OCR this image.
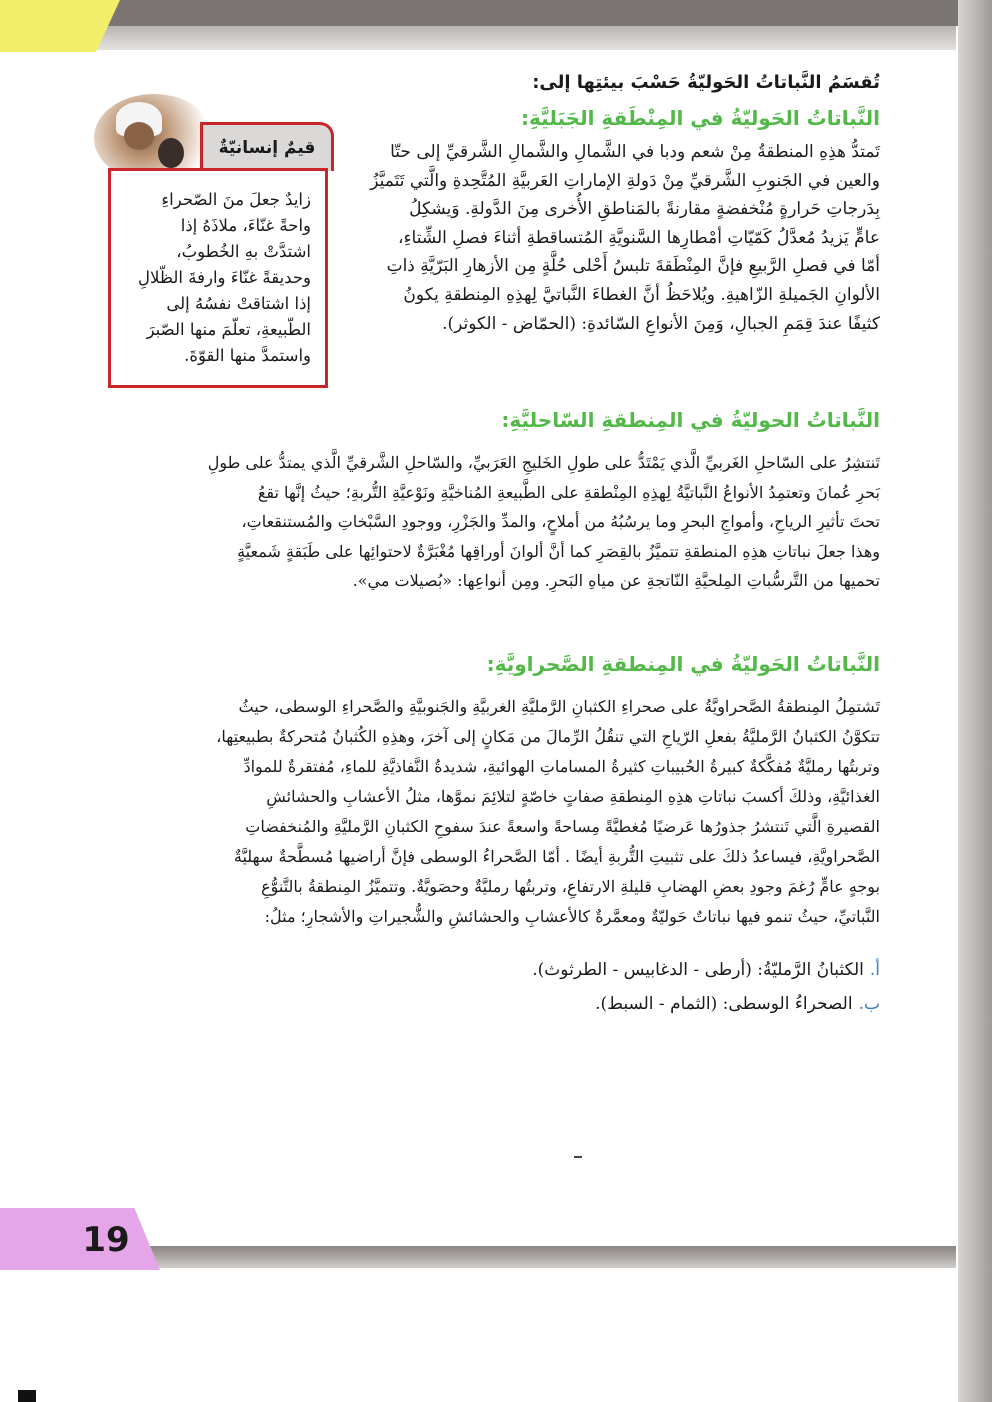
قيمٌ إنسانيّةٌ
زايدٌ جعلَ منَ الصّحراءِ
واحةً غنّاءَ، ملاذَهُ إذا
اشتدَّتْ بهِ الخُطوبُ،
وحديقةً غنّاءَ وارفةَ الظّلالِ
إذا اشتاقتْ نفسُهُ إلى
الطّبيعةِ، تعلّمَ منها الصّبرَ
واستمدَّ منها القوّةَ.
تُقسَمُ النَّباتاتُ الحَوليّةُ حَسْبَ بيئتِها إلى:
النَّباتاتُ الحَوليّةُ في المِنْطَقةِ الجَبَليَّةِ:

تَمتدُّ هذِهِ المنطقةُ مِنْ شعم ودبا في الشَّمالِ والشَّمالِ الشَّرقيِّ إلى حتّا

والعين في الجَنوبِ الشَّرقيِّ مِنْ دَولةِ الإماراتِ العَربيَّةِ المُتَّحِدةِ والَّتي تَتَميَّزُ

بِدَرجاتِ حَرارةٍ مُنْخفضةٍ مقارنةً بالمَناطقِ الأُخرى مِنَ الدَّولةِ. وَيشكِلُ

عامٍّ يَزيدُ مُعدَّلُ كَمّيّاتِ أمْطارِها السَّنويَّةِ المُتساقطةِ أثناءَ فصلِ الشِّتاءِ،

أمّا في فصلِ الرَّبيعِ فإنَّ المِنْطَقةَ تلبسُ أَحْلى حُلَّةٍ مِن الأزهارِ البَرّيَّةِ ذاتِ

الألوانِ الجَميلةِ الزّاهيةِ. ويُلاحَظُ أنَّ الغطاءَ النَّباتيَّ لِهذِهِ المِنطقةِ يكونُ

كثيفًا عندَ قِمَمِ الجبالِ، وَمِنَ الأنواعِ السّائدةِ: (الحمّاض - الكوثر).

النَّباتاتُ الحوليّةُ في المِنطقةِ السّاحليَّةِ:

تَنتشِرُ على السّاحلِ الغَربيِّ الَّذي يَمْتَدُّ على طولِ الخَليجِ العَرَبيِّ، والسّاحلِ الشَّرقيِّ الَّذي يمتدُّ على طولِ

بَحرِ عُمانَ وتعتمِدُ الأنواعُ النَّباتيَّةُ لِهذِهِ المِنْطقةِ على الطَّبيعةِ المُناخيَّةِ ونَوْعيَّةِ التُّربةِ؛ حيثُ إنَّها تقعُ

تحتَ تأثيرِ الرياحِ، وأمواجِ البحرِ وما يرسُبُهُ من أملاحٍ، والمدِّ والجَزْرِ، ووجودِ السَّبْخاتِ والمُستنقعاتِ،

وهذا جعلَ نباتاتِ هذِهِ المنطقةِ تتميَّزُ بالقِصَرِ كما أنَّ ألوانَ أوراقِها مُغْبَرَّةٌ لاحتوائِها على طَبَقةٍ شَمعيَّةٍ

تحميها من التَّرسُّباتِ المِلحيَّةِ النّاتجةِ عن مياهِ البَحرِ. ومِن أنواعِها: «بُصيلات مي».

النَّباتاتُ الحَوليّةُ في المِنطقةِ الصَّحراويَّةِ:

تَشتمِلُ المِنطقةُ الصَّحراويَّةُ على صحراءِ الكثبانِ الرَّمليَّةِ الغربيَّةِ والجَنوبيَّةِ والصَّحراءِ الوسطى، حيثُ

تتكوَّنُ الكثبانُ الرَّمليَّةُ بفعلِ الرّياحِ التي تنقُلُ الرِّمالَ من مَكانٍ إلى آخرَ، وهذِهِ الكُثبانُ مُتحركةٌ بطبيعتِها،

وتربتُها رمليَّةٌ مُفكَّكةٌ كبيرةُ الحُبيباتِ كثيرةُ المساماتِ الهوائيةِ، شديدةُ النَّفاذيَّةِ للماءِ، مُفتقرةٌ للموادِّ

الغذائيَّةِ، وذلكَ أكسبَ نباتاتِ هذِهِ المِنطقةِ صفاتٍ خاصّةٍ لتلائِمَ نموَّها، مثلُ الأعشابِ والحشائشِ

القصيرةِ الَّتي تَنتشرُ جذورُها عَرضيًا مُغطيَّةً مِساحةً واسعةً عندَ سفوحِ الكثبانِ الرَّمليَّةِ والمُنخفضاتِ

الصَّحراويَّةِ، فيساعدُ ذلكَ على تثبيتِ التُّربةِ أيضًا . أمّا الصَّحراءُ الوسطى فإنَّ أراضيها مُسطَّحةٌ سهليَّةٌ

بوجهٍ عامٍّ رُغمَ وجودِ بعضِ الهضابِ قليلةِ الارتفاعِ، وتربتُها رمليَّةٌ وحصَويَّةٌ. وتتميَّزُ المِنطقةُ بالتَّنوُّعِ

النَّباتيِّ، حيثُ تنمو فيها نباتاتٌ حَوليّةٌ ومعمَّرةٌ كالأعشابِ والحشائشِ والشُّجيراتِ والأشجارِ؛ مثلُ:

أ.الكثبانُ الرَّمليّةُ: (أرطى - الدغابيس - الطرثوث).
ب.الصحراءُ الوسطى: (الثمام - السبط).
19
